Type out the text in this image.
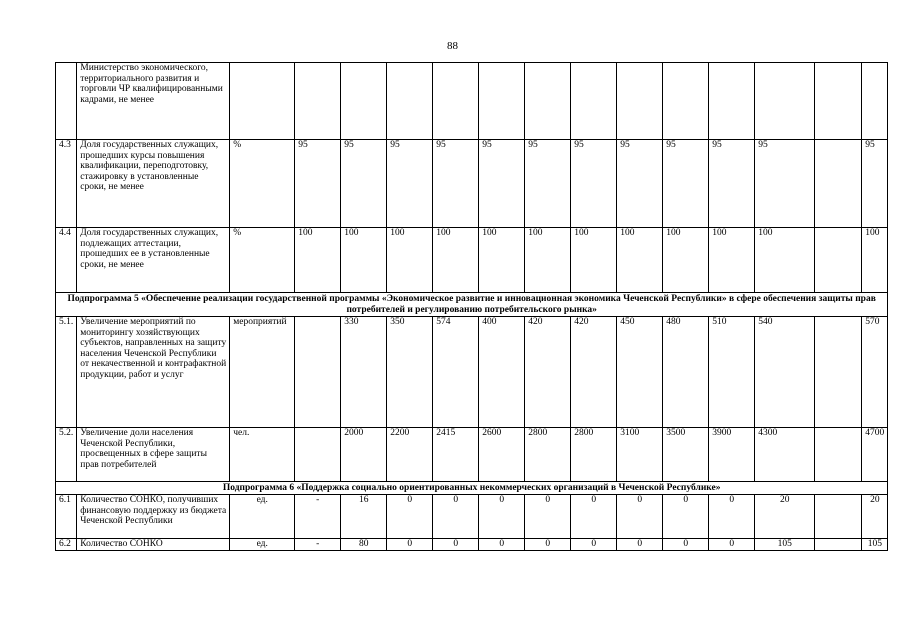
88
	Министерство экономического, территориального развития и торговли ЧР квалифицированными кадрами, не менее														
4.3	Доля государственных служащих, прошедших курсы повышения квалификации, переподготовку, стажировку в установленные сроки, не менее	%	95	95	95	95	95	95	95	95	95	95	95		95
4.4	Доля государственных служащих, подлежащих аттестации, прошедших ее в установленные сроки, не менее	%	100	100	100	100	100	100	100	100	100	100	100		100
Подпрограмма 5 «Обеспечение реализации государственной программы «Экономическое развитие и инновационная экономика Чеченской Республики» в сфере обеспечения защиты прав потребителей и регулированию потребительского рынка»															
5.1.	Увеличение мероприятий по мониторингу хозяйствующих субъектов, направленных на защиту населения Чеченской Республики от некачественной и контрафактной продукции, работ и услуг	мероприятий		330	350	574	400	420	420	450	480	510	540		570
5.2.	Увеличение доли населения Чеченской Республики, просвещенных в сфере защиты прав потребителей	чел.		2000	2200	2415	2600	2800	2800	3100	3500	3900	4300		4700
Подпрограмма 6 «Поддержка социально ориентированных некоммерческих организаций в Чеченской Республике»															
6.1	Количество СОНКО, получивших финансовую поддержку из бюджета Чеченской Республики	ед.	-	16	0	0	0	0	0	0	0	0	20		20
6.2	Количество СОНКО	ед.	-	80	0	0	0	0	0	0	0	0	105		105
